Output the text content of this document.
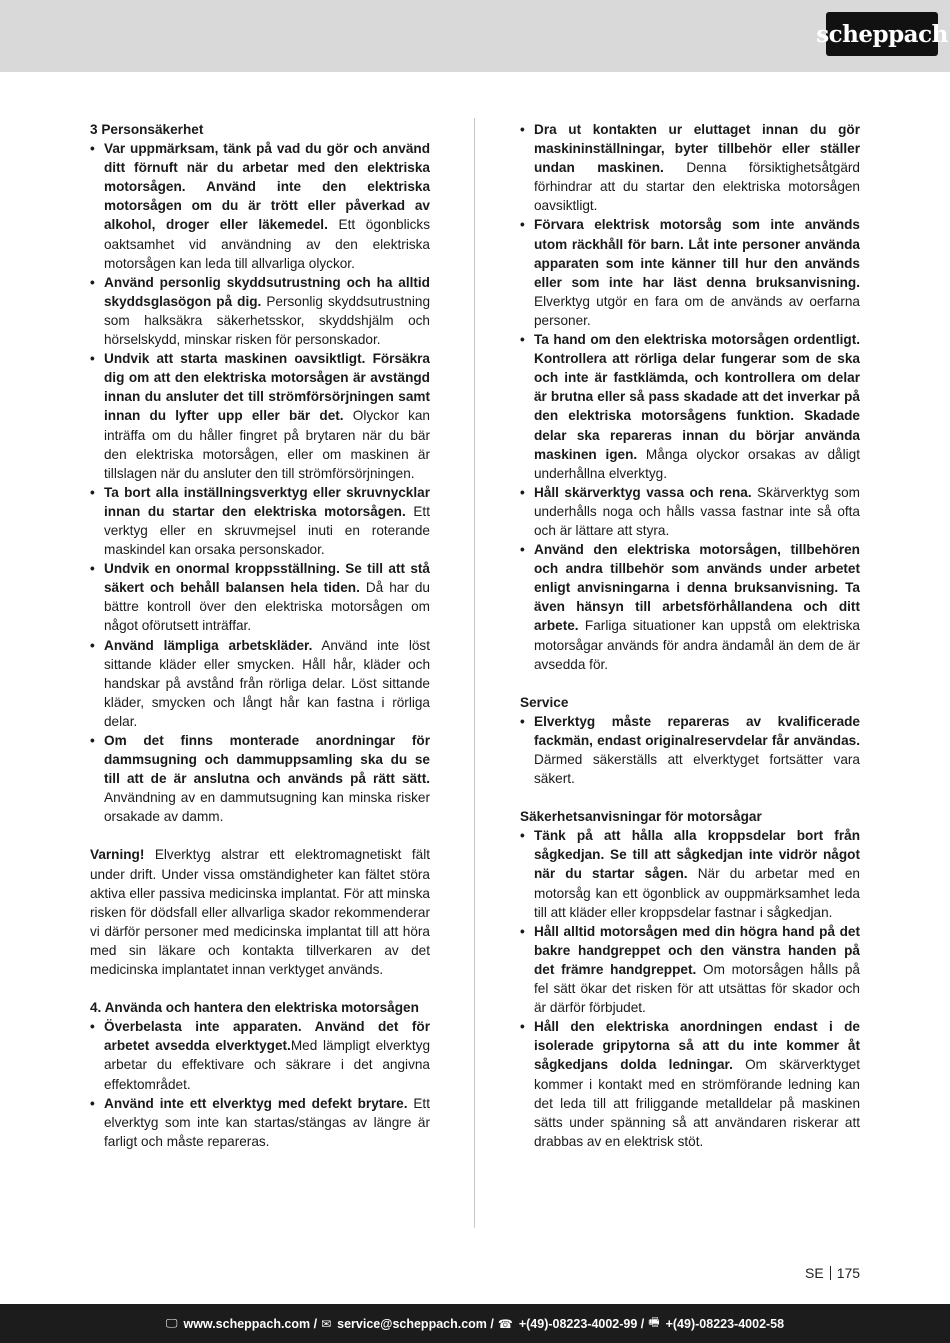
scheppach

3 Personsäkerhet

• Var uppmärksam, tänk på vad du gör och använd ditt förnuft när du arbetar med den elektriska motorsågen. Använd inte den elektriska motorsågen om du är trött eller påverkad av alkohol, droger eller läkemedel. Ett ögonblicks oaktsamhet vid användning av den elektriska motorsågen kan leda till allvarliga olyckor.
• Använd personlig skyddsutrustning och ha alltid skyddsglasögon på dig. Personlig skyddsutrustning som halksäkra säkerhetsskor, skyddshjälm och hörselskydd, minskar risken för personskador.
• Undvik att starta maskinen oavsiktligt. Försäkra dig om att den elektriska motorsågen är avstängd innan du ansluter det till strömförsörjningen samt innan du lyfter upp eller bär det. Olyckor kan inträffa om du håller fingret på brytaren när du bär den elektriska motorsågen, eller om maskinen är tillslagen när du ansluter den till strömförsörjningen.
• Ta bort alla inställningsverktyg eller skruvnycklar innan du startar den elektriska motorsågen. Ett verktyg eller en skruvmejsel inuti en roterande maskindel kan orsaka personskador.
• Undvik en onormal kroppsställning. Se till att stå säkert och behåll balansen hela tiden. Då har du bättre kontroll över den elektriska motorsågen om något oförutsett inträffar.
• Använd lämpliga arbetskläder. Använd inte löst sittande kläder eller smycken. Håll hår, kläder och handskar på avstånd från rörliga delar. Löst sittande kläder, smycken och långt hår kan fastna i rörliga delar.
• Om det finns monterade anordningar för dammsugning och dammuppsamling ska du se till att de är anslutna och används på rätt sätt. Användning av en dammutsugning kan minska risker orsakade av damm.

Varning! Elverktyg alstrar ett elektromagnetiskt fält under drift. Under vissa omständigheter kan fältet störa aktiva eller passiva medicinska implantat. För att minska risken för dödsfall eller allvarliga skador rekommenderar vi därför personer med medicinska implantat till att höra med sin läkare och kontakta tillverkaren av det medicinska implantatet innan verktyget används.

4. Använda och hantera den elektriska motorsågen

• Överbelasta inte apparaten. Använd det för arbetet avsedda elverktyget.Med lämpligt elverktyg arbetar du effektivare och säkrare i det angivna effektområdet.
• Använd inte ett elverktyg med defekt brytare. Ett elverktyg som inte kan startas/stängas av längre är farligt och måste repareras.
• Dra ut kontakten ur eluttaget innan du gör maskininställningar, byter tillbehör eller ställer undan maskinen. Denna försiktighetsåtgärd förhindrar att du startar den elektriska motorsågen oavsiktligt.
• Förvara elektrisk motorsåg som inte används utom räckhåll för barn. Låt inte personer använda apparaten som inte känner till hur den används eller som inte har läst denna bruksanvisning. Elverktyg utgör en fara om de används av oerfarna personer.
• Ta hand om den elektriska motorsågen ordentligt. Kontrollera att rörliga delar fungerar som de ska och inte är fastklämda, och kontrollera om delar är brutna eller så pass skadade att det inverkar på den elektriska motorsågens funktion. Skadade delar ska repareras innan du börjar använda maskinen igen. Många olyckor orsakas av dåligt underhållna elverktyg.
• Håll skärverktyg vassa och rena. Skärverktyg som underhålls noga och hålls vassa fastnar inte så ofta och är lättare att styra.
• Använd den elektriska motorsågen, tillbehören och andra tillbehör som används under arbetet enligt anvisningarna i denna bruksanvisning. Ta även hänsyn till arbetsförhållandena och ditt arbete. Farliga situationer kan uppstå om elektriska motorsågar används för andra ändamål än dem de är avsedda för.

Service

• Elverktyg måste repareras av kvalificerade fackmän, endast originalreservdelar får användas. Därmed säkerställs att elverktyget fortsätter vara säkert.

Säkerhetsanvisningar för motorsågar

• Tänk på att hålla alla kroppsdelar bort från sågkedjan. Se till att sågkedjan inte vidrör något när du startar sågen. När du arbetar med en motorsåg kan ett ögonblick av ouppmärksamhet leda till att kläder eller kroppsdelar fastnar i sågkedjan.
• Håll alltid motorsågen med din högra hand på det bakre handgreppet och den vänstra handen på det främre handgreppet. Om motorsågen hålls på fel sätt ökar det risken för att utsättas för skador och är därför förbjudet.
• Håll den elektriska anordningen endast i de isolerade gripytorna så att du inte kommer åt sågkedjans dolda ledningar. Om skärverktyget kommer i kontakt med en strömförande ledning kan det leda till att friliggande metalldelar på maskinen sätts under spänning så att användaren riskerar att drabbas av en elektrisk stöt.
SE 175
🖵 www.scheppach.com / ✉ service@scheppach.com / ☎ +(49)-08223-4002-99 / 🖷 +(49)-08223-4002-58
